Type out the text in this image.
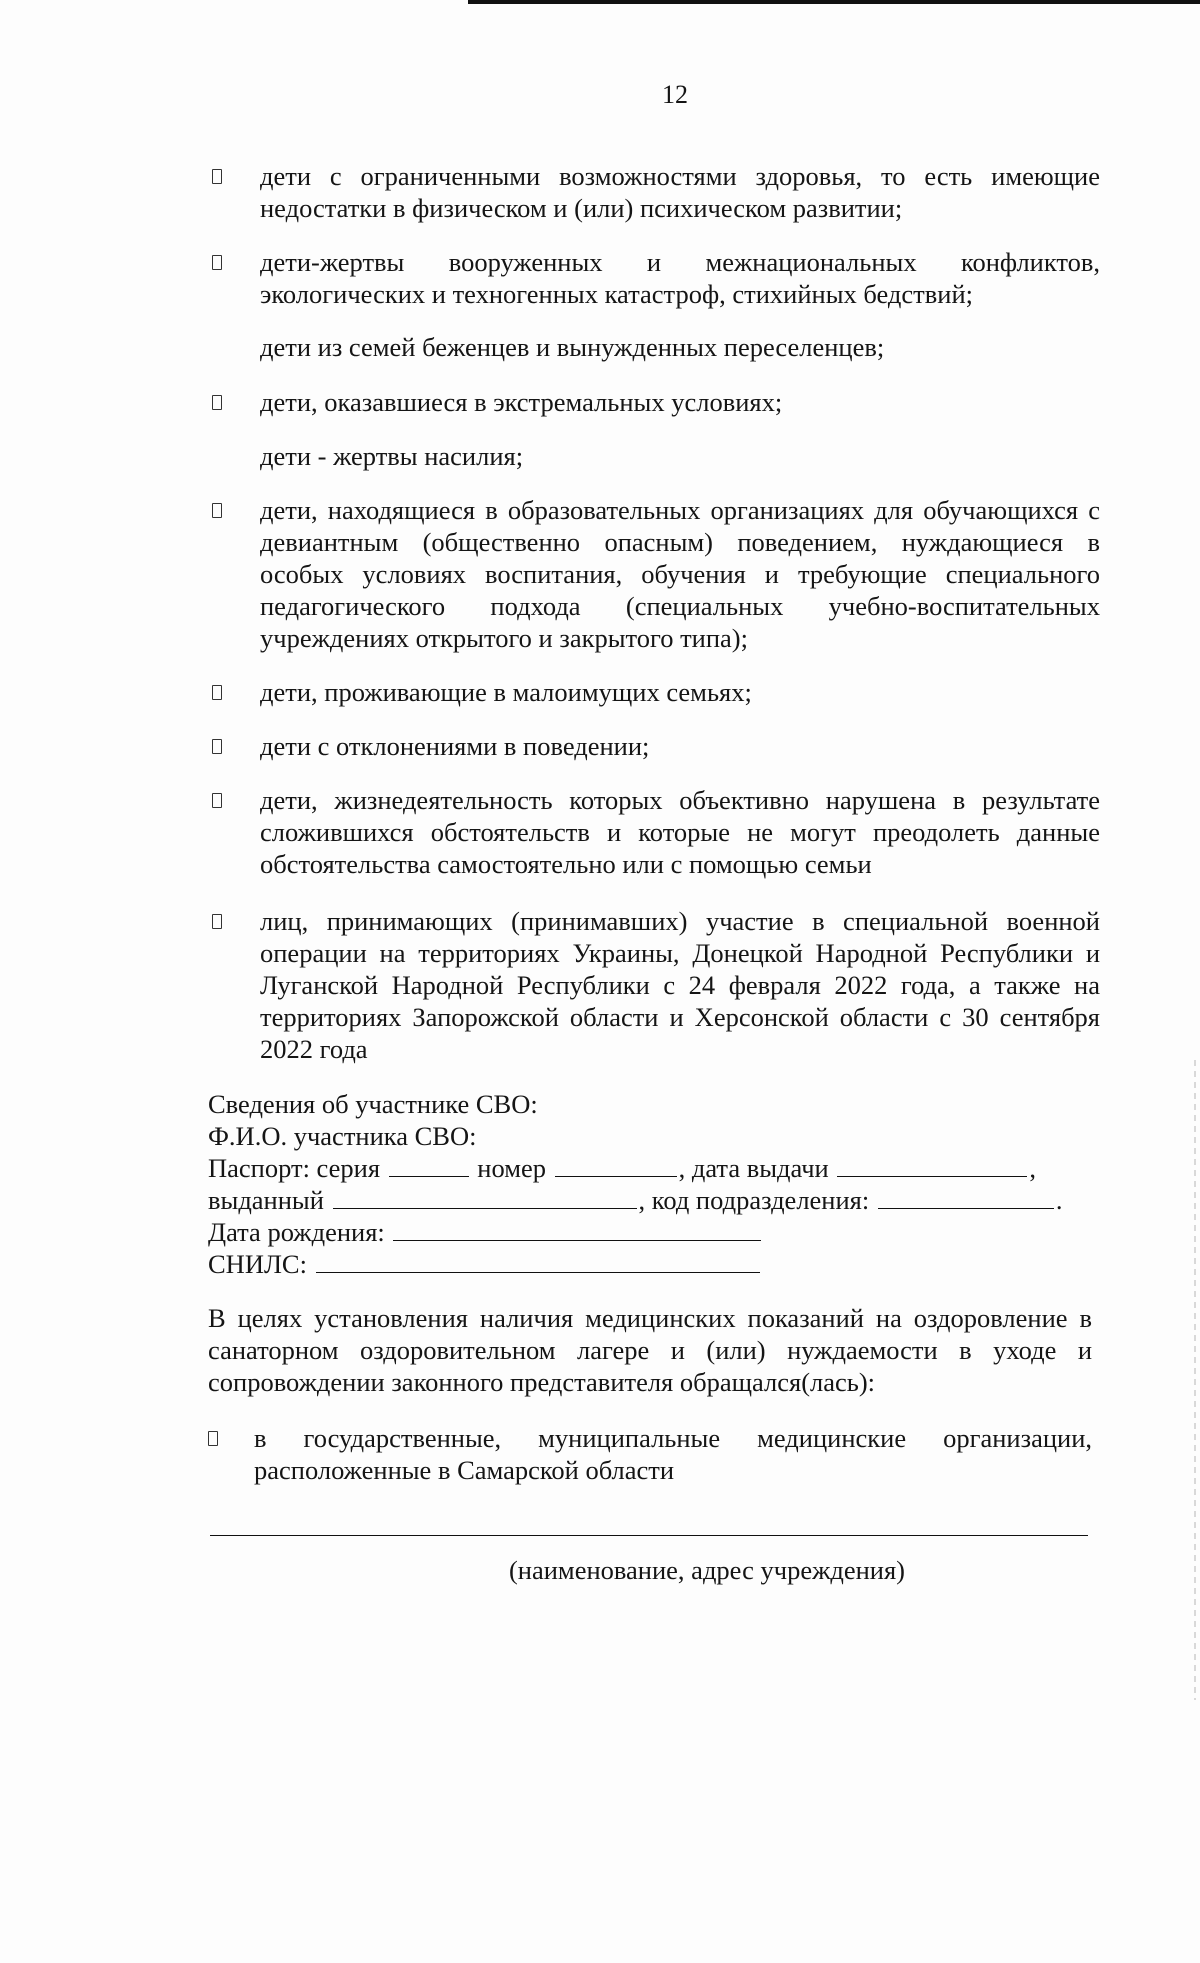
12
дети с ограниченными возможностями здоровья, то есть имеющие недостатки в физическом и (или) психическом развитии;
дети-жертвы вооруженных и межнациональных конфликтов, экологических и техногенных катастроф, стихийных бедствий;
дети из семей беженцев и вынужденных переселенцев;
дети, оказавшиеся в экстремальных условиях;
дети - жертвы насилия;
дети, находящиеся в образовательных организациях для обучающихся с девиантным (общественно опасным) поведением, нуждающиеся в особых условиях воспитания, обучения и требующие специального педагогического подхода (специальных учебно-воспитательных учреждениях открытого и закрытого типа);
дети, проживающие в малоимущих семьях;
дети с отклонениями в поведении;
дети, жизнедеятельность которых объективно нарушена в результате сложившихся обстоятельств и которые не могут преодолеть данные обстоятельства самостоятельно или с помощью семьи
лиц, принимающих (принимавших) участие в специальной военной операции на территориях Украины, Донецкой Народной Республики и Луганской Народной Республики с 24 февраля 2022 года, а также на территориях Запорожской области и Херсонской области с 30 сентября 2022 года
Сведения об участнике СВО:
Ф.И.О. участника СВО:
Паспорт: серия	номер	, дата выдачи	,
выданный	, код подразделения:	.
Дата рождения:
СНИЛС:
В целях установления наличия медицинских показаний на оздоровление в санаторном оздоровительном лагере и (или) нуждаемости в уходе и сопровождении законного представителя обращался(лась):
в государственные, муниципальные медицинские организации, расположенные в Самарской области
(наименование, адрес учреждения)
